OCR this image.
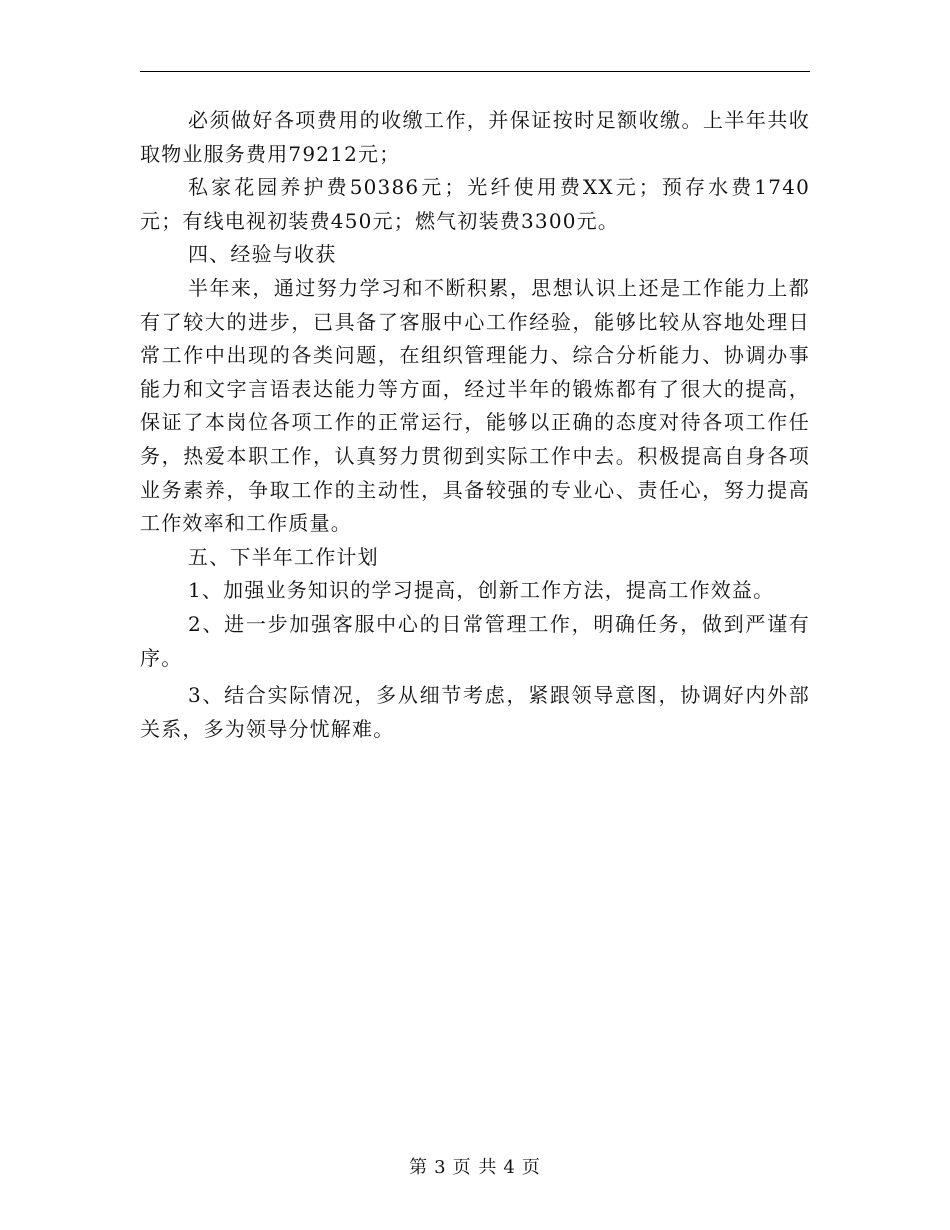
必须做好各项费用的收缴工作，并保证按时足额收缴。上半年共收取物业服务费用79212元；

私家花园养护费50386元；光纤使用费XX元；预存水费1740元；有线电视初装费450元；燃气初装费3300元。

四、经验与收获

半年来，通过努力学习和不断积累，思想认识上还是工作能力上都有了较大的进步，已具备了客服中心工作经验，能够比较从容地处理日常工作中出现的各类问题，在组织管理能力、综合分析能力、协调办事能力和文字言语表达能力等方面，经过半年的锻炼都有了很大的提高，保证了本岗位各项工作的正常运行，能够以正确的态度对待各项工作任务，热爱本职工作，认真努力贯彻到实际工作中去。积极提高自身各项业务素养，争取工作的主动性，具备较强的专业心、责任心，努力提高工作效率和工作质量。

五、下半年工作计划

1、加强业务知识的学习提高，创新工作方法，提高工作效益。

2、进一步加强客服中心的日常管理工作，明确任务，做到严谨有序。

3、结合实际情况，多从细节考虑，紧跟领导意图，协调好内外部关系，多为领导分忧解难。

第 3 页 共 4 页
